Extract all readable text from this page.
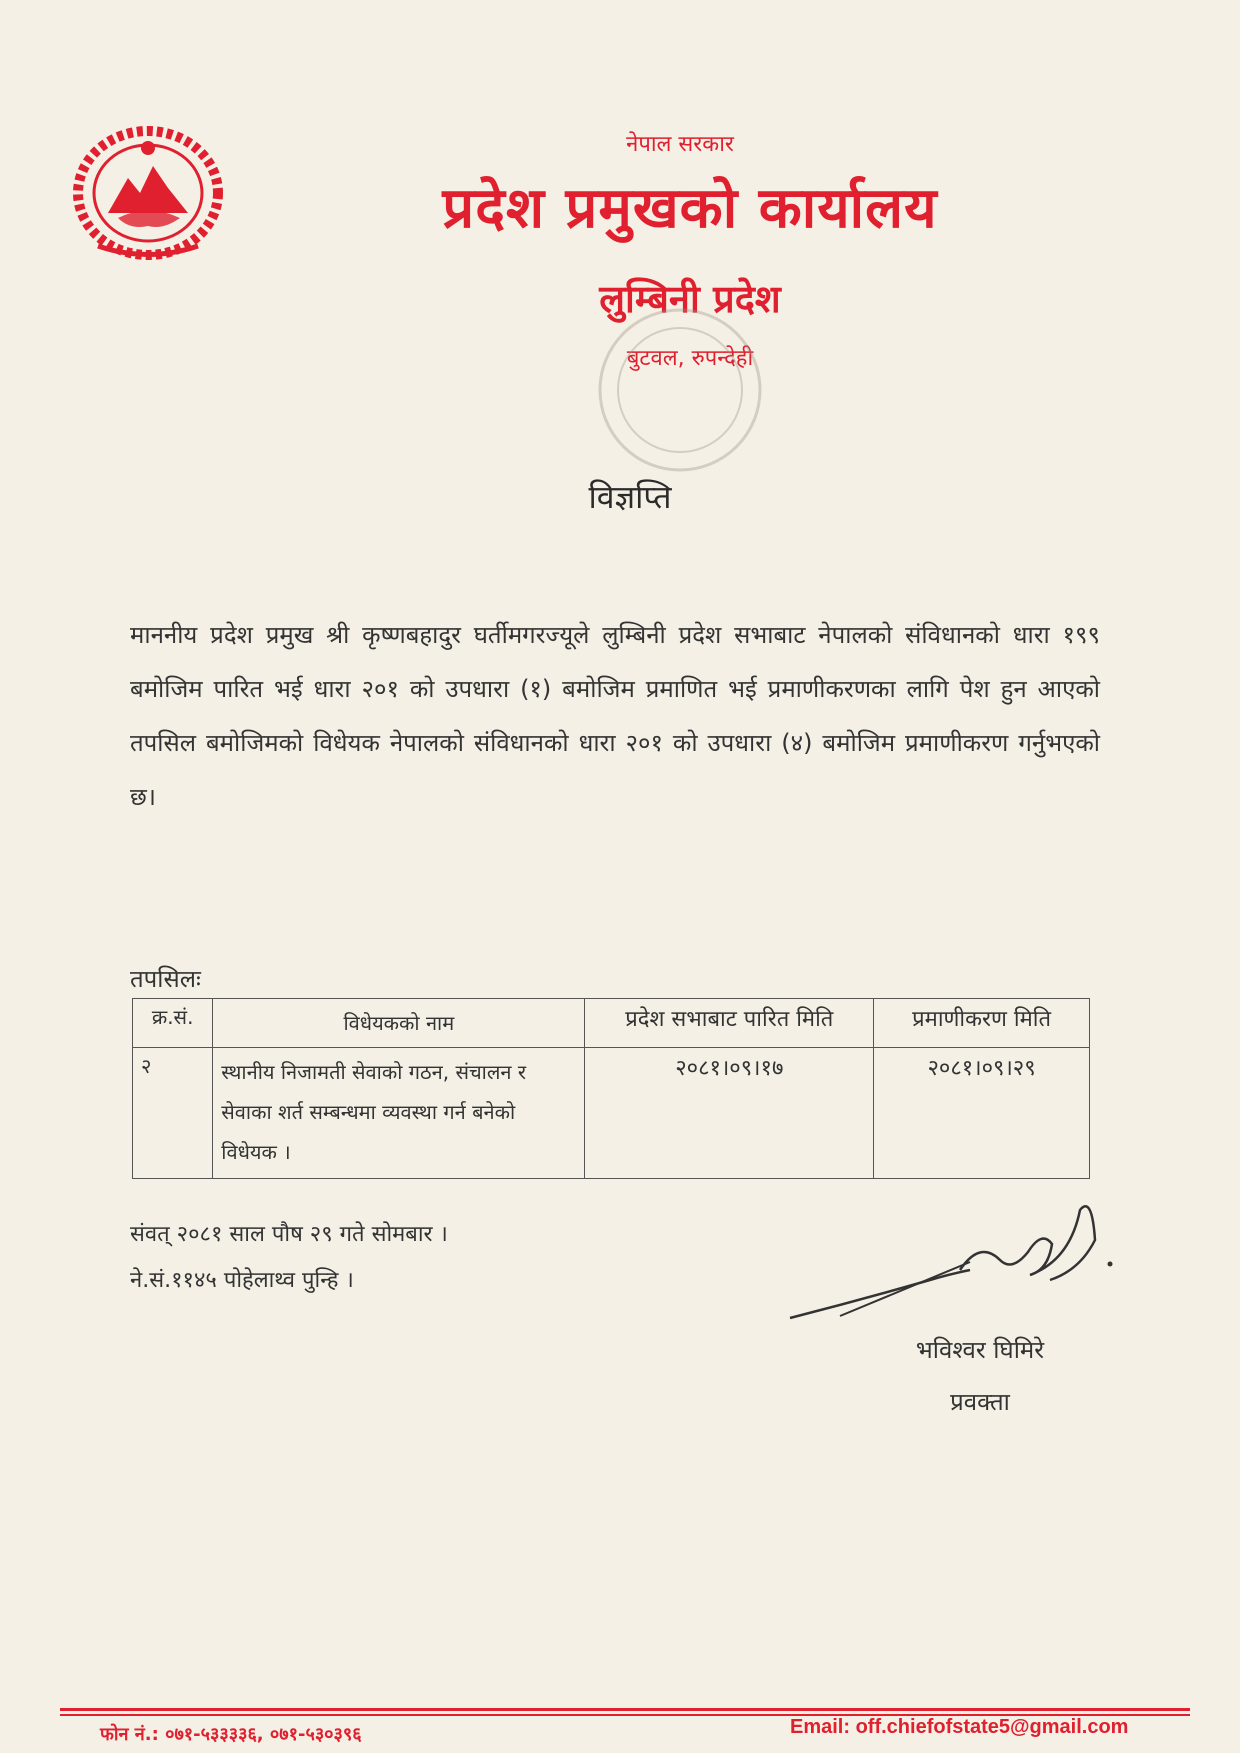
नेपाल सरकार
प्रदेश प्रमुखको कार्यालय
लुम्बिनी प्रदेश
बुटवल, रुपन्देही
विज्ञप्ति
माननीय प्रदेश प्रमुख श्री कृष्णबहादुर घर्तीमगरज्यूले लुम्बिनी प्रदेश सभाबाट नेपालको संविधानको धारा १९९ बमोजिम पारित भई धारा २०१ को उपधारा (१) बमोजिम प्रमाणित भई प्रमाणीकरणका लागि पेश हुन आएको तपसिल बमोजिमको विधेयक नेपालको संविधानको धारा २०१ को उपधारा (४) बमोजिम प्रमाणीकरण गर्नुभएको छ।
तपसिलः
क्र.सं.	विधेयकको नाम	प्रदेश सभाबाट पारित मिति	प्रमाणीकरण मिति
२	स्थानीय निजामती सेवाको गठन, संचालन र सेवाका शर्त सम्बन्धमा व्यवस्था गर्न बनेको विधेयक ।	२०८१।०९।१७	२०८१।०९।२९
संवत् २०८१ साल पौष २९ गते सोमबार ।
ने.सं.११४५ पोहेलाथ्व पुन्हि ।
भविश्वर घिमिरे
प्रवक्ता
फोन नं.: ०७१-५३३३३६, ०७१-५३०३९६	Email: off.chiefofstate5@gmail.com
